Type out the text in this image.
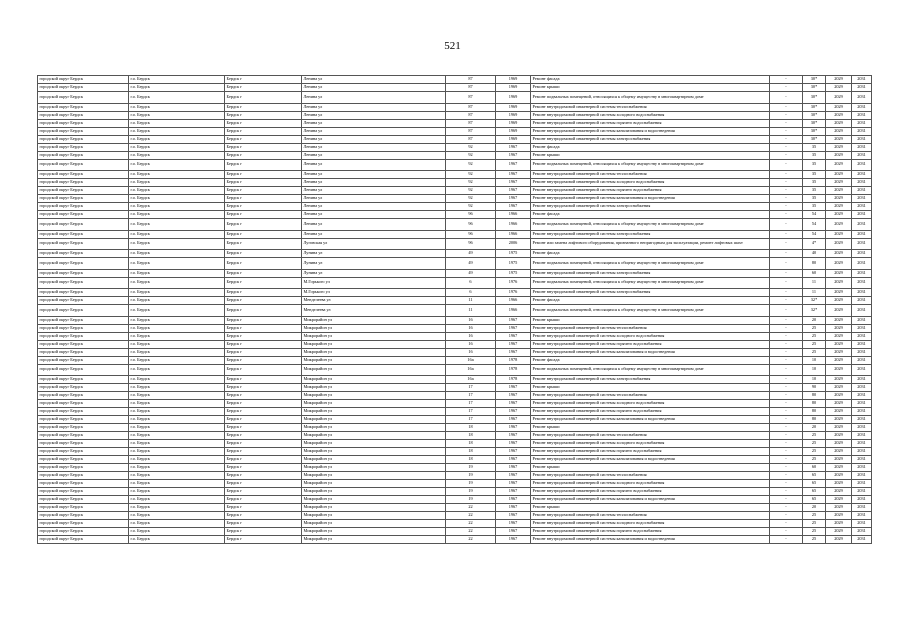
521
городской округ Бердск	г.о. Бердск	Бердск г	Ленина ул	87	1969	Ремонт фасада	-	30*	2029	2031
городской округ Бердск	г.о. Бердск	Бердск г	Ленина ул	87	1969	Ремонт крыши	-	30*	2029	2031
городской округ Бердск	г.о. Бердск	Бердск г	Ленина ул	87	1969	Ремонт подвальных помещений, относящихся к общему имуществу в многоквартирном доме	-	30*	2029	2031
городской округ Бердск	г.о. Бердск	Бердск г	Ленина ул	87	1969	Ремонт внутридомовой инженерной системы теплоснабжения	-	30*	2029	2031
городской округ Бердск	г.о. Бердск	Бердск г	Ленина ул	87	1969	Ремонт внутридомовой инженерной системы холодного водоснабжения	-	30*	2029	2031
городской округ Бердск	г.о. Бердск	Бердск г	Ленина ул	87	1969	Ремонт внутридомовой инженерной системы горячего водоснабжения	-	30*	2029	2031
городской округ Бердск	г.о. Бердск	Бердск г	Ленина ул	87	1969	Ремонт внутридомовой инженерной системы канализования и водоотведения	-	30*	2029	2031
городской округ Бердск	г.о. Бердск	Бердск г	Ленина ул	87	1969	Ремонт внутридомовой инженерной системы электроснабжения	-	30*	2029	2031
городской округ Бердск	г.о. Бердск	Бердск г	Ленина ул	92	1967	Ремонт фасада	-	35	2029	2031
городской округ Бердск	г.о. Бердск	Бердск г	Ленина ул	92	1967	Ремонт крыши	-	35	2029	2031
городской округ Бердск	г.о. Бердск	Бердск г	Ленина ул	92	1967	Ремонт подвальных помещений, относящихся к общему имуществу в многоквартирном доме	-	35	2029	2031
городской округ Бердск	г.о. Бердск	Бердск г	Ленина ул	92	1967	Ремонт внутридомовой инженерной системы теплоснабжения	-	35	2029	2031
городской округ Бердск	г.о. Бердск	Бердск г	Ленина ул	92	1967	Ремонт внутридомовой инженерной системы холодного водоснабжения	-	35	2029	2031
городской округ Бердск	г.о. Бердск	Бердск г	Ленина ул	92	1967	Ремонт внутридомовой инженерной системы горячего водоснабжения	-	35	2029	2031
городской округ Бердск	г.о. Бердск	Бердск г	Ленина ул	92	1967	Ремонт внутридомовой инженерной системы канализования и водоотведения	-	35	2029	2031
городской округ Бердск	г.о. Бердск	Бердск г	Ленина ул	92	1967	Ремонт внутридомовой инженерной системы электроснабжения	-	35	2029	2031
городской округ Бердск	г.о. Бердск	Бердск г	Ленина ул	96	1966	Ремонт фасада	-	54	2029	2031
городской округ Бердск	г.о. Бердск	Бердск г	Ленина ул	96	1966	Ремонт подвальных помещений, относящихся к общему имуществу в многоквартирном доме	-	54	2029	2031
городской округ Бердск	г.о. Бердск	Бердск г	Ленина ул	96	1966	Ремонт внутридомовой инженерной системы электроснабжения	-	54	2029	2031
городской округ Бердск	г.о. Бердск	Бердск г	Луговская ул	96	2006	Ремонт или замена лифтового оборудования, признанного непригодным для эксплуатации, ремонт лифтовых шахт	-	4*	2029	2031
городской округ Бердск	г.о. Бердск	Бердск г	Лунина ул	49	1975	Ремонт фасада	-	40	2029	2031
городской округ Бердск	г.о. Бердск	Бердск г	Лунина ул	49	1975	Ремонт подвальных помещений, относящихся к общему имуществу в многоквартирном доме	-	80	2029	2031
городской округ Бердск	г.о. Бердск	Бердск г	Лунина ул	49	1975	Ремонт внутридомовой инженерной системы электроснабжения	-	60	2029	2031
городской округ Бердск	г.о. Бердск	Бердск г	М.Горького ул	6	1976	Ремонт подвальных помещений, относящихся к общему имуществу в многоквартирном доме	-	11	2029	2031
городской округ Бердск	г.о. Бердск	Бердск г	М.Горького ул	6	1976	Ремонт внутридомовой инженерной системы электроснабжения	-	11	2029	2031
городской округ Бердск	г.о. Бердск	Бердск г	Менделеева ул	11	1966	Ремонт фасада	-	32*	2029	2031
городской округ Бердск	г.о. Бердск	Бердск г	Менделеева ул	11	1966	Ремонт подвальных помещений, относящихся к общему имуществу в многоквартирном доме	-	32*	2029	2031
городской округ Бердск	г.о. Бердск	Бердск г	Микрорайон ул	16	1967	Ремонт крыши	-	20	2029	2031
городской округ Бердск	г.о. Бердск	Бердск г	Микрорайон ул	16	1967	Ремонт внутридомовой инженерной системы теплоснабжения	-	25	2029	2031
городской округ Бердск	г.о. Бердск	Бердск г	Микрорайон ул	16	1967	Ремонт внутридомовой инженерной системы холодного водоснабжения	-	25	2029	2031
городской округ Бердск	г.о. Бердск	Бердск г	Микрорайон ул	16	1967	Ремонт внутридомовой инженерной системы горячего водоснабжения	-	25	2029	2031
городской округ Бердск	г.о. Бердск	Бердск г	Микрорайон ул	16	1967	Ремонт внутридомовой инженерной системы канализования и водоотведения	-	25	2029	2031
городской округ Бердск	г.о. Бердск	Бердск г	Микрорайон ул	16а	1978	Ремонт фасада	-	10	2029	2031
городской округ Бердск	г.о. Бердск	Бердск г	Микрорайон ул	16а	1978	Ремонт подвальных помещений, относящихся к общему имуществу в многоквартирном доме	-	10	2029	2031
городской округ Бердск	г.о. Бердск	Бердск г	Микрорайон ул	16а	1978	Ремонт внутридомовой инженерной системы электроснабжения	-	10	2029	2031
городской округ Бердск	г.о. Бердск	Бердск г	Микрорайон ул	17	1967	Ремонт крыши	-	90	2029	2031
городской округ Бердск	г.о. Бердск	Бердск г	Микрорайон ул	17	1967	Ремонт внутридомовой инженерной системы теплоснабжения	-	80	2029	2031
городской округ Бердск	г.о. Бердск	Бердск г	Микрорайон ул	17	1967	Ремонт внутридомовой инженерной системы холодного водоснабжения	-	80	2029	2031
городской округ Бердск	г.о. Бердск	Бердск г	Микрорайон ул	17	1967	Ремонт внутридомовой инженерной системы горячего водоснабжения	-	80	2029	2031
городской округ Бердск	г.о. Бердск	Бердск г	Микрорайон ул	17	1967	Ремонт внутридомовой инженерной системы канализования и водоотведения	-	80	2029	2031
городской округ Бердск	г.о. Бердск	Бердск г	Микрорайон ул	18	1967	Ремонт крыши	-	20	2029	2031
городской округ Бердск	г.о. Бердск	Бердск г	Микрорайон ул	18	1967	Ремонт внутридомовой инженерной системы теплоснабжения	-	25	2029	2031
городской округ Бердск	г.о. Бердск	Бердск г	Микрорайон ул	18	1967	Ремонт внутридомовой инженерной системы холодного водоснабжения	-	25	2029	2031
городской округ Бердск	г.о. Бердск	Бердск г	Микрорайон ул	18	1967	Ремонт внутридомовой инженерной системы горячего водоснабжения	-	25	2029	2031
городской округ Бердск	г.о. Бердск	Бердск г	Микрорайон ул	18	1967	Ремонт внутридомовой инженерной системы канализования и водоотведения	-	25	2029	2031
городской округ Бердск	г.о. Бердск	Бердск г	Микрорайон ул	19	1967	Ремонт крыши	-	60	2029	2031
городской округ Бердск	г.о. Бердск	Бердск г	Микрорайон ул	19	1967	Ремонт внутридомовой инженерной системы теплоснабжения	-	65	2029	2031
городской округ Бердск	г.о. Бердск	Бердск г	Микрорайон ул	19	1967	Ремонт внутридомовой инженерной системы холодного водоснабжения	-	65	2029	2031
городской округ Бердск	г.о. Бердск	Бердск г	Микрорайон ул	19	1967	Ремонт внутридомовой инженерной системы горячего водоснабжения	-	65	2029	2031
городской округ Бердск	г.о. Бердск	Бердск г	Микрорайон ул	19	1967	Ремонт внутридомовой инженерной системы канализования и водоотведения	-	65	2029	2031
городской округ Бердск	г.о. Бердск	Бердск г	Микрорайон ул	22	1967	Ремонт крыши	-	20	2029	2031
городской округ Бердск	г.о. Бердск	Бердск г	Микрорайон ул	22	1967	Ремонт внутридомовой инженерной системы теплоснабжения	-	25	2029	2031
городской округ Бердск	г.о. Бердск	Бердск г	Микрорайон ул	22	1967	Ремонт внутридомовой инженерной системы холодного водоснабжения	-	25	2029	2031
городской округ Бердск	г.о. Бердск	Бердск г	Микрорайон ул	22	1967	Ремонт внутридомовой инженерной системы горячего водоснабжения	-	25	2029	2031
городской округ Бердск	г.о. Бердск	Бердск г	Микрорайон ул	22	1967	Ремонт внутридомовой инженерной системы канализования и водоотведения	-	25	2029	2031
